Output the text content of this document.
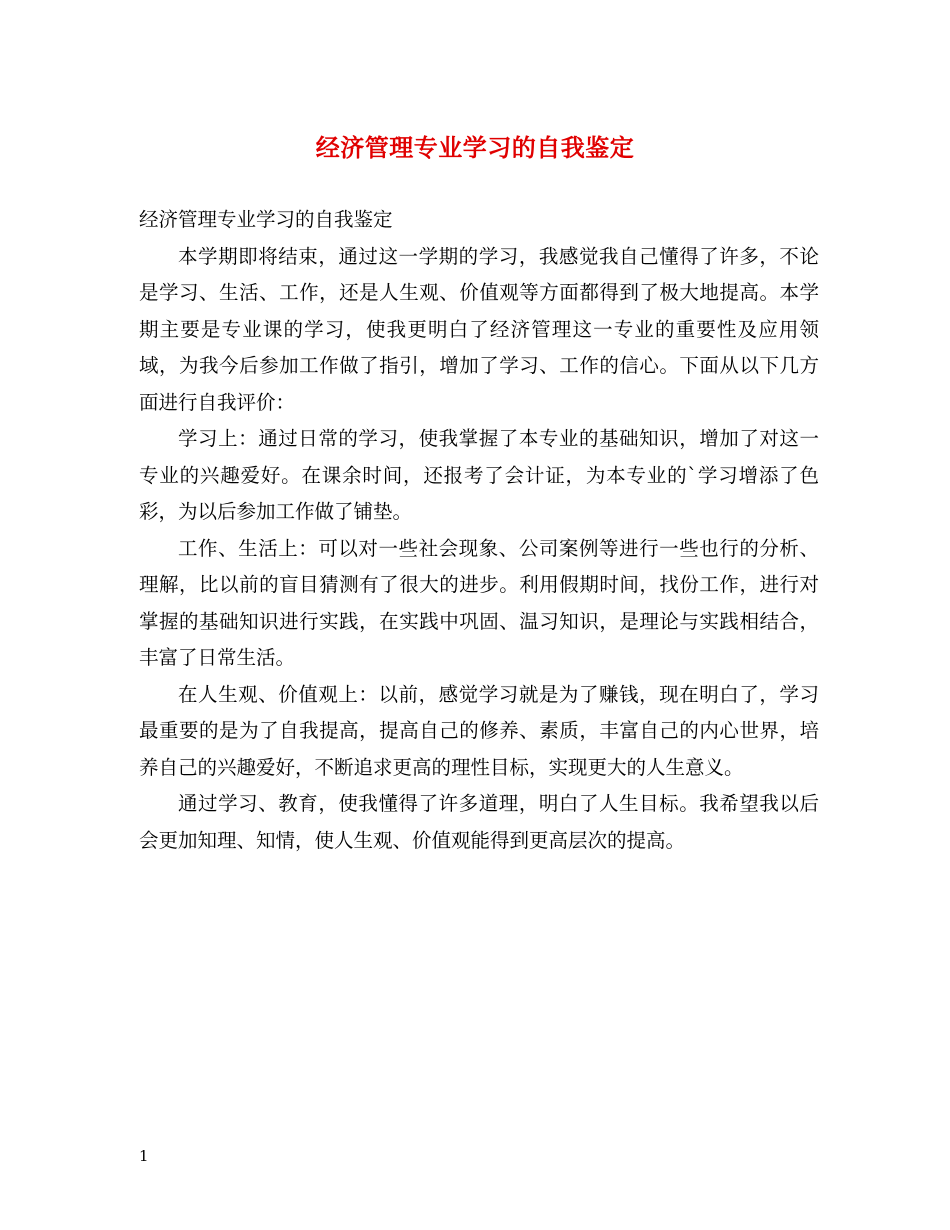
经济管理专业学习的自我鉴定

经济管理专业学习的自我鉴定

本学期即将结束，通过这一学期的学习，我感觉我自己懂得了许多，不论是学习、生活、工作，还是人生观、价值观等方面都得到了极大地提高。本学期主要是专业课的学习，使我更明白了经济管理这一专业的重要性及应用领域，为我今后参加工作做了指引，增加了学习、工作的信心。下面从以下几方面进行自我评价：

学习上：通过日常的学习，使我掌握了本专业的基础知识，增加了对这一专业的兴趣爱好。在课余时间，还报考了会计证，为本专业的`学习增添了色彩，为以后参加工作做了铺垫。

工作、生活上：可以对一些社会现象、公司案例等进行一些也行的分析、理解，比以前的盲目猜测有了很大的进步。利用假期时间，找份工作，进行对掌握的基础知识进行实践，在实践中巩固、温习知识，是理论与实践相结合，丰富了日常生活。

在人生观、价值观上：以前，感觉学习就是为了赚钱，现在明白了，学习最重要的是为了自我提高，提高自己的修养、素质，丰富自己的内心世界，培养自己的兴趣爱好，不断追求更高的理性目标，实现更大的人生意义。

通过学习、教育，使我懂得了许多道理，明白了人生目标。我希望我以后会更加知理、知情，使人生观、价值观能得到更高层次的提高。

1
